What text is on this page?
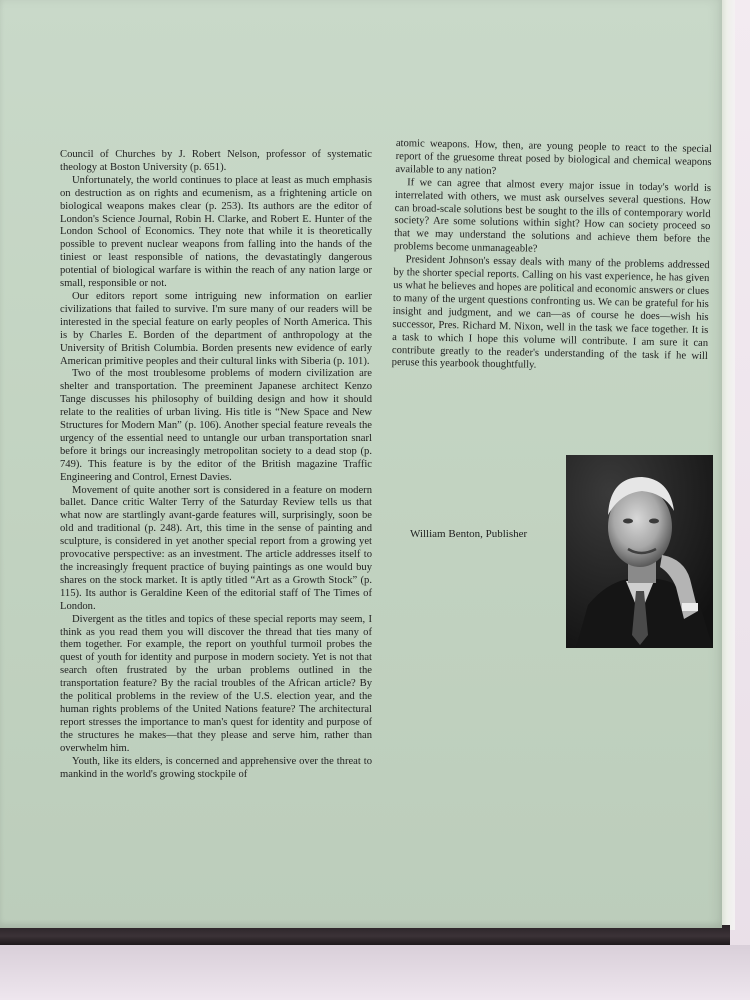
Council of Churches by J. Robert Nelson, professor of systematic theology at Boston University (p. 651).

Unfortunately, the world continues to place at least as much emphasis on destruction as on rights and ecumenism, as a frightening article on biological weapons makes clear (p. 253). Its authors are the editor of London's Science Journal, Robin H. Clarke, and Robert E. Hunter of the London School of Economics. They note that while it is theoretically possible to prevent nuclear weapons from falling into the hands of the tiniest or least responsible of nations, the devastatingly dangerous potential of biological warfare is within the reach of any nation large or small, responsible or not.

Our editors report some intriguing new information on earlier civilizations that failed to survive. I'm sure many of our readers will be interested in the special feature on early peoples of North America. This is by Charles E. Borden of the department of anthropology at the University of British Columbia. Borden presents new evidence of early American primitive peoples and their cultural links with Siberia (p. 101).

Two of the most troublesome problems of modern civilization are shelter and transportation. The preeminent Japanese architect Kenzo Tange discusses his philosophy of building design and how it should relate to the realities of urban living. His title is “New Space and New Structures for Modern Man” (p. 106). Another special feature reveals the urgency of the essential need to untangle our urban transportation snarl before it brings our increasingly metropolitan society to a dead stop (p. 749). This feature is by the editor of the British magazine Traffic Engineering and Control, Ernest Davies.

Movement of quite another sort is considered in a feature on modern ballet. Dance critic Walter Terry of the Saturday Review tells us that what now are startlingly avant-garde features will, surprisingly, soon be old and traditional (p. 248). Art, this time in the sense of painting and sculpture, is considered in yet another special report from a growing yet provocative perspective: as an investment. The article addresses itself to the increasingly frequent practice of buying paintings as one would buy shares on the stock market. It is aptly titled “Art as a Growth Stock” (p. 115). Its author is Geraldine Keen of the editorial staff of The Times of London.

Divergent as the titles and topics of these special reports may seem, I think as you read them you will discover the thread that ties many of them together. For example, the report on youthful turmoil probes the quest of youth for identity and purpose in modern society. Yet is not that search often frustrated by the urban problems outlined in the transportation feature? By the racial troubles of the African article? By the political problems in the review of the U.S. election year, and the human rights problems of the United Nations feature? The architectural report stresses the importance to man's quest for identity and purpose of the structures he makes—that they please and serve him, rather than overwhelm him.

Youth, like its elders, is concerned and apprehensive over the threat to mankind in the world's growing stockpile of

atomic weapons. How, then, are young people to react to the special report of the gruesome threat posed by biological and chemical weapons available to any nation?

If we can agree that almost every major issue in today's world is interrelated with others, we must ask ourselves several questions. How can broad-scale solutions best be sought to the ills of contemporary world society? Are some solutions within sight? How can society proceed so that we may understand the solutions and achieve them before the problems become unmanageable?

President Johnson's essay deals with many of the problems addressed by the shorter special reports. Calling on his vast experience, he has given us what he believes and hopes are political and economic answers or clues to many of the urgent questions confronting us. We can be grateful for his insight and judgment, and we can—as of course he does—wish his successor, Pres. Richard M. Nixon, well in the task we face together. It is a task to which I hope this volume will contribute. I am sure it can contribute greatly to the reader's understanding of the task if he will peruse this yearbook thoughtfully.

William Benton, Publisher
